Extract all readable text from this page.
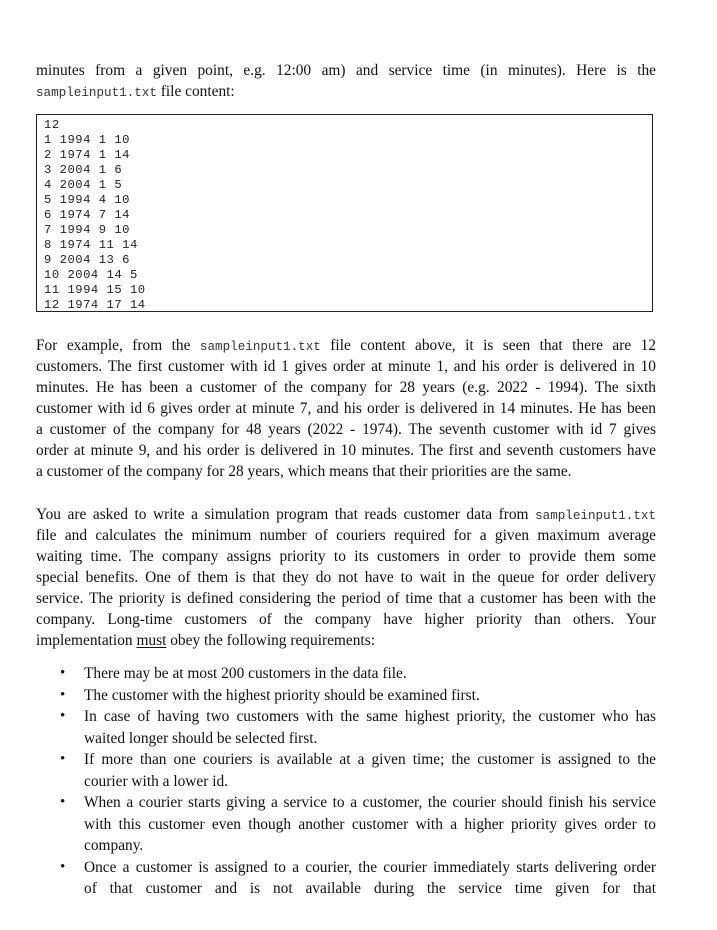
minutes from a given point, e.g. 12:00 am) and service time (in minutes). Here is the

sampleinput1.txt file content:

12
1 1994 1 10
2 1974 1 14
3 2004 1 6
4 2004 1 5
5 1994 4 10
6 1974 7 14
7 1994 9 10
8 1974 11 14
9 2004 13 6
10 2004 14 5
11 1994 15 10
12 1974 17 14

For example, from the sampleinput1.txt file content above, it is seen that there are 12

customers. The first customer with id 1 gives order at minute 1, and his order is delivered in 10

minutes. He has been a customer of the company for 28 years (e.g. 2022 - 1994). The sixth

customer with id 6 gives order at minute 7, and his order is delivered in 14 minutes. He has been

a customer of the company for 48 years (2022 - 1974). The seventh customer with id 7 gives

order at minute 9, and his order is delivered in 10 minutes. The first and seventh customers have

a customer of the company for 28 years, which means that their priorities are the same.

You are asked to write a simulation program that reads customer data from sampleinput1.txt

file and calculates the minimum number of couriers required for a given maximum average

waiting time. The company assigns priority to its customers in order to provide them some

special benefits. One of them is that they do not have to wait in the queue for order delivery

service. The priority is defined considering the period of time that a customer has been with the

company. Long-time customers of the company have higher priority than others. Your

implementation must obey the following requirements:

•	There may be at most 200 customers in the data file.
•	The customer with the highest priority should be examined first.
•	In case of having two customers with the same highest priority, the customer who has
waited longer should be selected first.
•	If more than one couriers is available at a given time; the customer is assigned to the
courier with a lower id.
•	When a courier starts giving a service to a customer, the courier should finish his service
with this customer even though another customer with a higher priority gives order to
company.
•	Once a customer is assigned to a courier, the courier immediately starts delivering order
of that customer and is not available during the service time given for that
